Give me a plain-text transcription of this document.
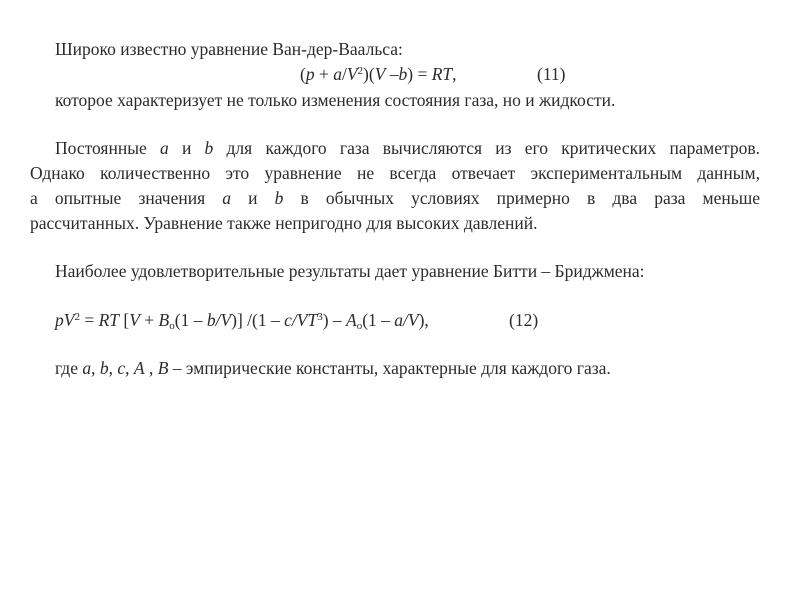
Широко известно уравнение Ван-дер-Ваальса:
$(p + a/V^2)(V$ –b) = RT,	(11)
которое характеризует не только изменения состояния газа, но и жидкости.
Постоянные a и b для каждого газа вычисляются из его критических параметров.
Однако количественно это уравнение не всегда отвечает экспериментальным данным,
а опытные значения a и b в обычных условиях примерно в два раза меньше
рассчитанных. Уравнение также непригодно для высоких давлений.
Наиболее удовлетворительные результаты дает уравнение Битти – Бриджмена:
$pV^2$ = RT $[V + B_o(1 - b/V)]$ $/(1 - c/VT^3) - A_o(1 - a/V)$,	(12)
где a, b, c, A , B – эмпирические константы, характерные для каждого газа.
